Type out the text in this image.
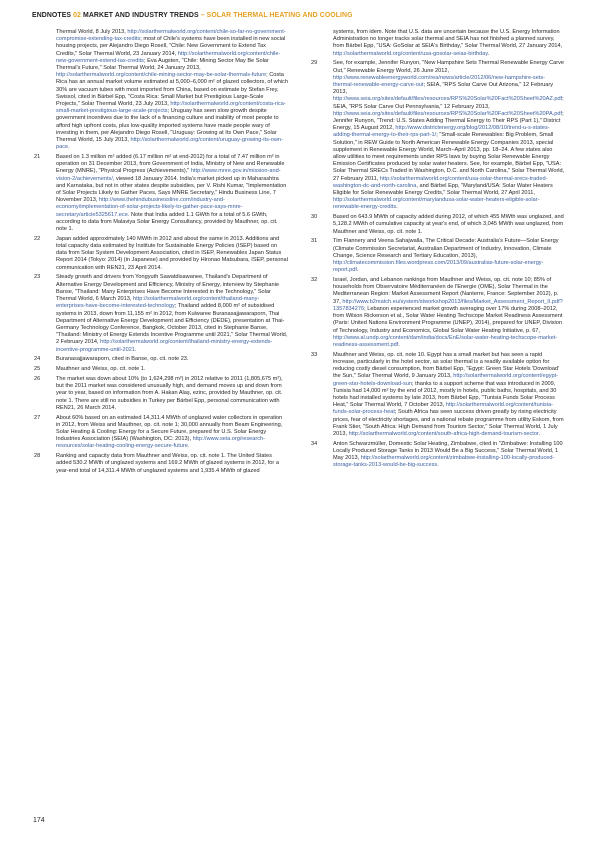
ENDNOTES 02 MARKET AND INDUSTRY TRENDS – SOLAR THERMAL HEATING AND COOLING
Thermal World, 8 July 2013, http://solarthermalworld.org/content/chile-so-far-no-government-compromise-extending-tax-credits; most of Chile's systems have been installed in new social housing projects, per Alejandro Diego Rosell, "Chile: New Government to Extend Tax Credits," Solar Thermal World, 23 January 2014, http://solarthermalworld.org/content/chile-new-government-extend-tax-credits; Eva Augsten, "Chile: Mining Sector May Be Solar Thermal's Future," Solar Thermal World, 24 January 2013, http://solarthermalworld.org/content/chile-mining-sector-may-be-solar-thermals-future; Costa Rica has an annual market volume estimated at 5,000–6,000 m² of glazed collectors, of which 30% are vacuum tubes with most imported from China, based on estimate by Stefan Frey, Swissol, cited in Bärbel Epp, "Costa Rica: Small Market but Prestigious Large-Scale Projects," Solar Thermal World, 23 July 2013, http://solarthermalworld.org/content/costa-rica-small-market-prestigious-large-scale-projects; Uruguay has seen slow growth despite government incentives due to the lack of a financing culture and inability of most people to afford high upfront costs, plus low-quality imported systems have made people wary of investing in them, per Alejandro Diego Rosell, "Uruguay: Growing at Its Own Pace," Solar Thermal World, 15 July 2013, http://solarthermalworld.org/content/uruguay-growing-its-own-pace.
21	Based on 1.3 million m² added (6.17 million m² at end-2012) for a total of 7.47 million m² in operation on 31 December 2013, from Government of India, Ministry of New and Renewable Energy (MNRE), "Physical Progress (Achievements)," http://www.mnre.gov.in/mission-and-vision-2/achievements/, viewed 18 January 2014. India's market picked up in Maharashtra and Karnataka, but not in other states despite subsidies, per V. Rishi Kumar, "Implementation of Solar Projects Likely to Gather Paces, Says MNRE Secretary," Hindu Business Line, 7 November 2013, http://www.thehindubusinessline.com/industry-and-economy/implementation-of-solar-projects-likely-to-gather-pace-says-mnre-secretary/article5325617.ece. Note that India added 1.1 GWth for a total of 5.6 GWth, according to data from Malaviya Solar Energy Consultancy, provided by Mauthner, op. cit. note 1.
22	Japan added approximately 140 MWth in 2012 and about the same in 2013. Additions and total capacity data estimated by Institute for Sustainable Energy Policies (ISEP) based on data from Solar System Development Association, cited in ISEP, Renewables Japan Status Report 2014 (Tokyo: 2014) (in Japanese) and provided by Hironao Matsubara, ISEP, personal communication with REN21, 23 April 2014.
23	Steady growth and drivers from Yongyuth Sawatdisawanee, Thailand's Department of Alternative Energy Development and Efficiency, Ministry of Energy, interview by Stephanie Banse, "Thailand: Many Enterprises Have Become Interested in the Technology," Solar Thermal World, 6 March 2013, http://solarthermalworld.org/content/thailand-many-enterprises-have-become-interested-technology; Thailand added 8,000 m² of subsidised systems in 2013, down from 11,155 m² in 2012, from Kulwaree Buranasajjawaraporn, Thai Department of Alternative Energy Development and Efficiency (DEDE), presentation at Thai-Germany Technology Conference, Bangkok, October 2013, cited in Stephanie Banse, "Thailand: Ministry of Energy Extends Incentive Programme until 2021," Solar Thermal World, 2 February 2014, http://solarthermalworld.org/content/thailand-ministry-energy-extends-incentive-programme-until-2021.
24	Buranasajjawaraporn, cited in Banse, op. cit. note 23.
25	Mauthner and Weiss, op. cit. note 1.
26	The market was down about 10% (to 1,624,298 m²) in 2012 relative to 2011 (1,805,675 m²), but the 2011 market was considered unusually high, and demand moves up and down from year to year, based on information from A. Hakan Alaş, ezinc, provided by Mauthner, op. cit. note 1. There are still no subsidies in Turkey per Bärbel Epp, personal communication with REN21, 26 March 2014.
27	About 60% based on an estimated 14,311.4 MWth of unglazed water collectors in operation in 2012, from Weiss and Mauthner, op. cit. note 1; 30,000 annually from Beam Engineering, Solar Heating & Cooling: Energy for a Secure Future, prepared for U.S. Solar Energy Industries Association (SEIA) (Washington, DC: 2013), http://www.seia.org/research-resources/solar-heating-cooling-energy-secure-future.
28	Ranking and capacity data from Mauthner and Weiss, op. cit. note 1. The United States added 530.2 MWth of unglazed systems and 169.2 MWth of glazed systems in 2012, for a year-end total of 14,311.4 MWth of unglazed systems and 1,935.4 MWth of glazed
systems, from idem. Note that U.S. data are uncertain because the U.S. Energy Information Administration no longer tracks solar thermal and SEIA has not finished a planned survey, from Bärbel Epp, "USA: GoSolar at SEIA's Birthday," Solar Thermal World, 27 January 2014, http://solarthermalworld.org/content/usa-gosolar-seias-birthday.
29	See, for example, Jennifer Runyon, "New Hampshire Sets Thermal Renewable Energy Carve Out," Renewable Energy World, 26 June 2012, http://www.renewableenergyworld.com/rea/news/article/2012/06/new-hampshire-sets-thermal-renewable-energy-carve-out; SEIA, "RPS Solar Carve Out Arizona," 12 February 2013, http://www.seia.org/sites/default/files/resources/RPS%20Solar%20Fact%20Sheet%20AZ.pdf; SEIA, "RPS Solar Carve Out Pennsylvania," 12 February 2013, http://www.seia.org/sites/default/files/resources/RPS%20Solar%20Fact%20Sheet%20PA.pdf; Jennifer Runyon, "Trend: U.S. States Adding Thermal Energy to Their RPS (Part 1)," District Energy, 15 August 2012, http://www.districtenergy.org/blog/2012/08/10/trend-u-s-states-adding-thermal-energy-to-their-rps-part-1/; "Small-scale Renewables: Big Problem, Small Solution," in REW Guide to North American Renewable Energy Companies 2013, special supplement in Renewable Energy World, March–April 2013, pp. 18–24. A few states also allow utilities to meet requirements under RPS laws by buying Solar Renewable Energy Emission Certificates produced by solar water heaters. See, for example, Bärbel Epp, "USA: Solar Thermal SRECs Traded in Washington, D.C. and North Carolina," Solar Thermal World, 27 February 2011, http://solarthermalworld.org/content/usa-solar-thermal-srecs-traded-washington-dc-and-north-carolina, and Bärbel Epp, "Maryland/USA: Solar Water Heaters Eligible for Solar Renewable Energy Credits," Solar Thermal World, 27 April 2011, http://solarthermalworld.org/content/marylandusa-solar-water-heaters-eligible-solar-renewable-energy-credits.
30	Based on 643.9 MWth of capacity added during 2012, of which 455 MWth was unglazed, and 5,128.2 MWth of cumulative capacity at year's end, of which 3,045 MWth was unglazed, from Mauthner and Weiss, op. cit. note 1.
31	Tim Flannery and Veena Sahajwalla, The Critical Decade: Australia's Future—Solar Energy (Climate Commission Secretariat, Australian Department of Industry, Innovation, Climate Change, Science Research and Tertiary Education, 2013), http://climatecommission.files.wordpress.com/2013/09/australias-future-solar-energy-report.pdf.
32	Israel, Jordan, and Lebanon rankings from Mauthner and Weiss, op. cit. note 10; 85% of households from Observatoire Méditerranéen de l'Energie (OME), Solar Thermal in the Mediterranean Region: Market Assessment Report (Nanterre, France: September 2012), p. 37, http://www.b2match.eu/system/stworkshop2013/files/Market_Assessment_Report_II.pdf?1357834276; Lebanon experienced market growth averaging over 17% during 2008–2012, from Wilson Rickerson et al., Solar Water Heating Techscope Market Readiness Assessment (Paris: United Nations Environment Programme (UNEP), 2014), prepared for UNEP, Division of Technology, Industry and Economics, Global Solar Water Heating Initiative, p. 67, http://www.al.undp.org/content/dam/india/docs/EnE/solar-water-heating-techscope-market-readiness-assessment.pdf.
33	Mauthner and Weiss, op. cit. note 10. Egypt has a small market but has seen a rapid increase, particularly in the hotel sector, as solar thermal is a readily available option for reducing costly diesel consumption, from Bärbel Epp, "Egypt: Green Star Hotels 'Download' the Sun," Solar Thermal World, 9 January 2013, http://solarthermalworld.org/content/egypt-green-star-hotels-download-sun; thanks to a support scheme that was introduced in 2009, Tunisia had 14,000 m² by the end of 2012, mostly in hotels, public baths, hospitals, and 30 hotels had installed systems by late 2013, from Bärbel Epp, "Tunisia Funds Solar Process Heat," Solar Thermal World, 7 October 2013, http://solarthermalworld.org/content/tunisia-funds-solar-process-heat; South Africa has seen success driven greatly by rising electricity prices, fear of electricity shortages, and a national rebate programme from utility Eskom, from Frank Stier, "South Africa: High Demand from Tourism Sector," Solar Thermal World, 1 July 2013, http://solarthermalworld.org/content/south-africa-high-demand-tourism-sector.
34	Anton Schwarzmüller, Domestic Solar Heating, Zimbabwe, cited in "Zimbabwe: Installing 100 Locally Produced Storage Tanks in 2013 Would Be a Big Success," Solar Thermal World, 1 May 2013, http://solarthermalworld.org/content/zimbabwe-installing-100-locally-produced-storage-tanks-2013-would-be-big-success.
174
